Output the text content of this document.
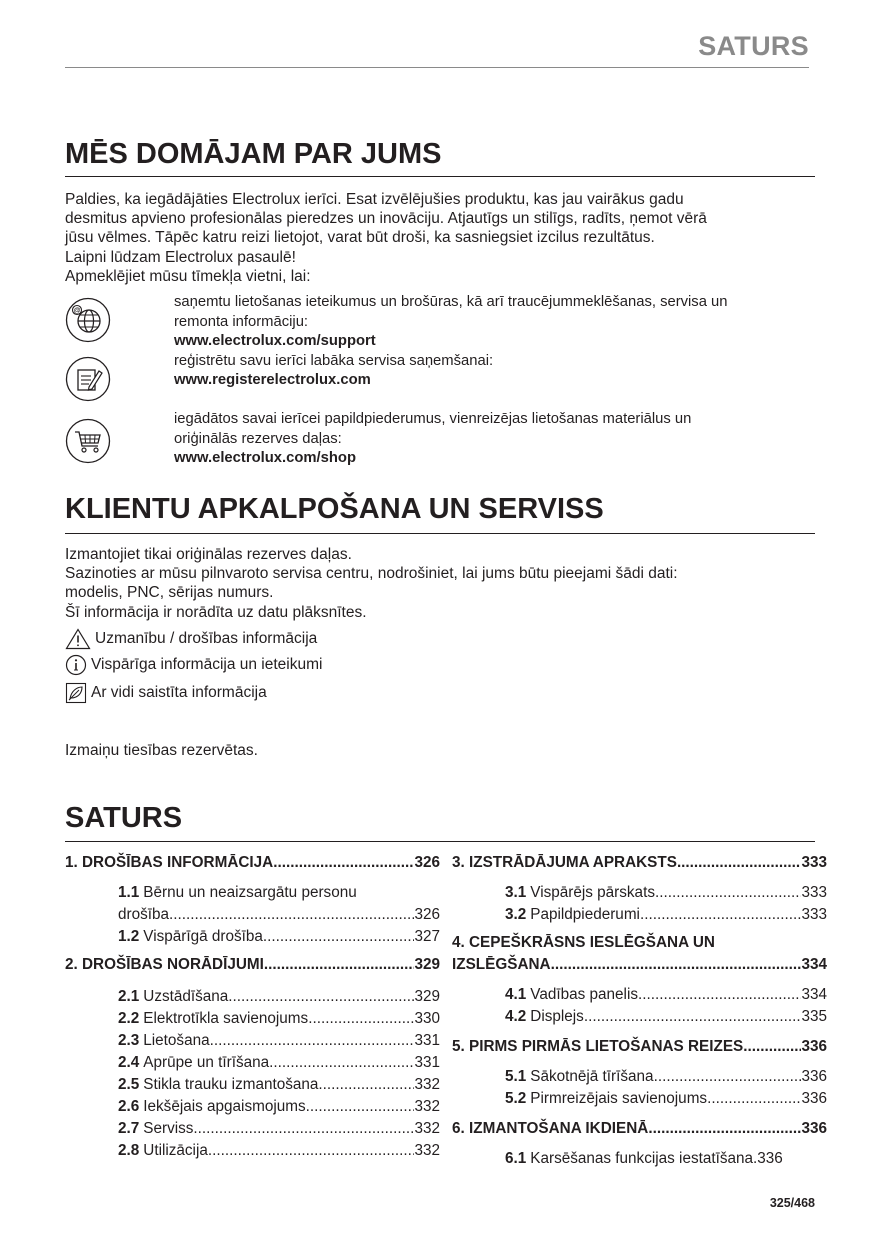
SATURS
MĒS DOMĀJAM PAR JUMS
Paldies, ka iegādājāties Electrolux ierīci. Esat izvēlējušies produktu, kas jau vairākus gadu
desmitus apvieno profesionālas pieredzes un inovāciju. Atjautīgs un stilīgs, radīts, ņemot vērā
jūsu vēlmes. Tāpēc katru reizi lietojot, varat būt droši, ka sasniegsiet izcilus rezultātus.
Laipni lūdzam Electrolux pasaulē!
Apmeklējiet mūsu tīmekļa vietni, lai:
@
saņemtu lietošanas ieteikumus un brošūras, kā arī traucējummeklēšanas, servisa un
remonta informāciju:
www.electrolux.com/support
reģistrētu savu ierīci labāka servisa saņemšanai:
www.registerelectrolux.com
iegādātos savai ierīcei papildpiederumus, vienreizējas lietošanas materiālus un
oriģinālās rezerves daļas:
www.electrolux.com/shop
KLIENTU APKALPOŠANA UN SERVISS
Izmantojiet tikai oriģinālas rezerves daļas.
Sazinoties ar mūsu pilnvaroto servisa centru, nodrošiniet, lai jums būtu pieejami šādi dati:
modelis, PNC, sērijas numurs.
Šī informācija ir norādīta uz datu plāksnītes.
Uzmanību / drošības informācija
Vispārīga informācija un ieteikumi
Ar vidi saistīta informācija
Izmaiņu tiesības rezervētas.
SATURS
1. DROŠĪBAS INFORMĀCIJA .....	326
1.1 Bērnu un neaizsargātu personu
drošība .....	326
1.2 Vispārīgā drošība .....	327
2. DROŠĪBAS NORĀDĪJUMI .....	329
2.1 Uzstādīšana .....	329
2.2 Elektrotīkla savienojums .....	330
2.3 Lietošana .....	331
2.4 Aprūpe un tīrīšana .....	331
2.5 Stikla trauku izmantošana .....	332
2.6 Iekšējais apgaismojums .....	332
2.7 Serviss .....	332
2.8 Utilizācija .....	332
3. IZSTRĀDĀJUMA APRAKSTS .....	333
3.1 Vispārējs pārskats .....	333
3.2 Papildpiederumi .....	333
4. CEPEŠKRĀSNS IESLĒGŠANA UN
IZSLĒGŠANA .....	334
4.1 Vadības panelis .....	334
4.2 Displejs .....	335
5. PIRMS PIRMĀS LIETOŠANAS REIZES. .....	336
5.1 Sākotnējā tīrīšana .....	336
5.2 Pirmreizējais savienojums .....	336
6. IZMANTOŠANA IKDIENĀ .....	336
6.1 Karsēšanas funkcijas iestatīšana. 336
325/468
